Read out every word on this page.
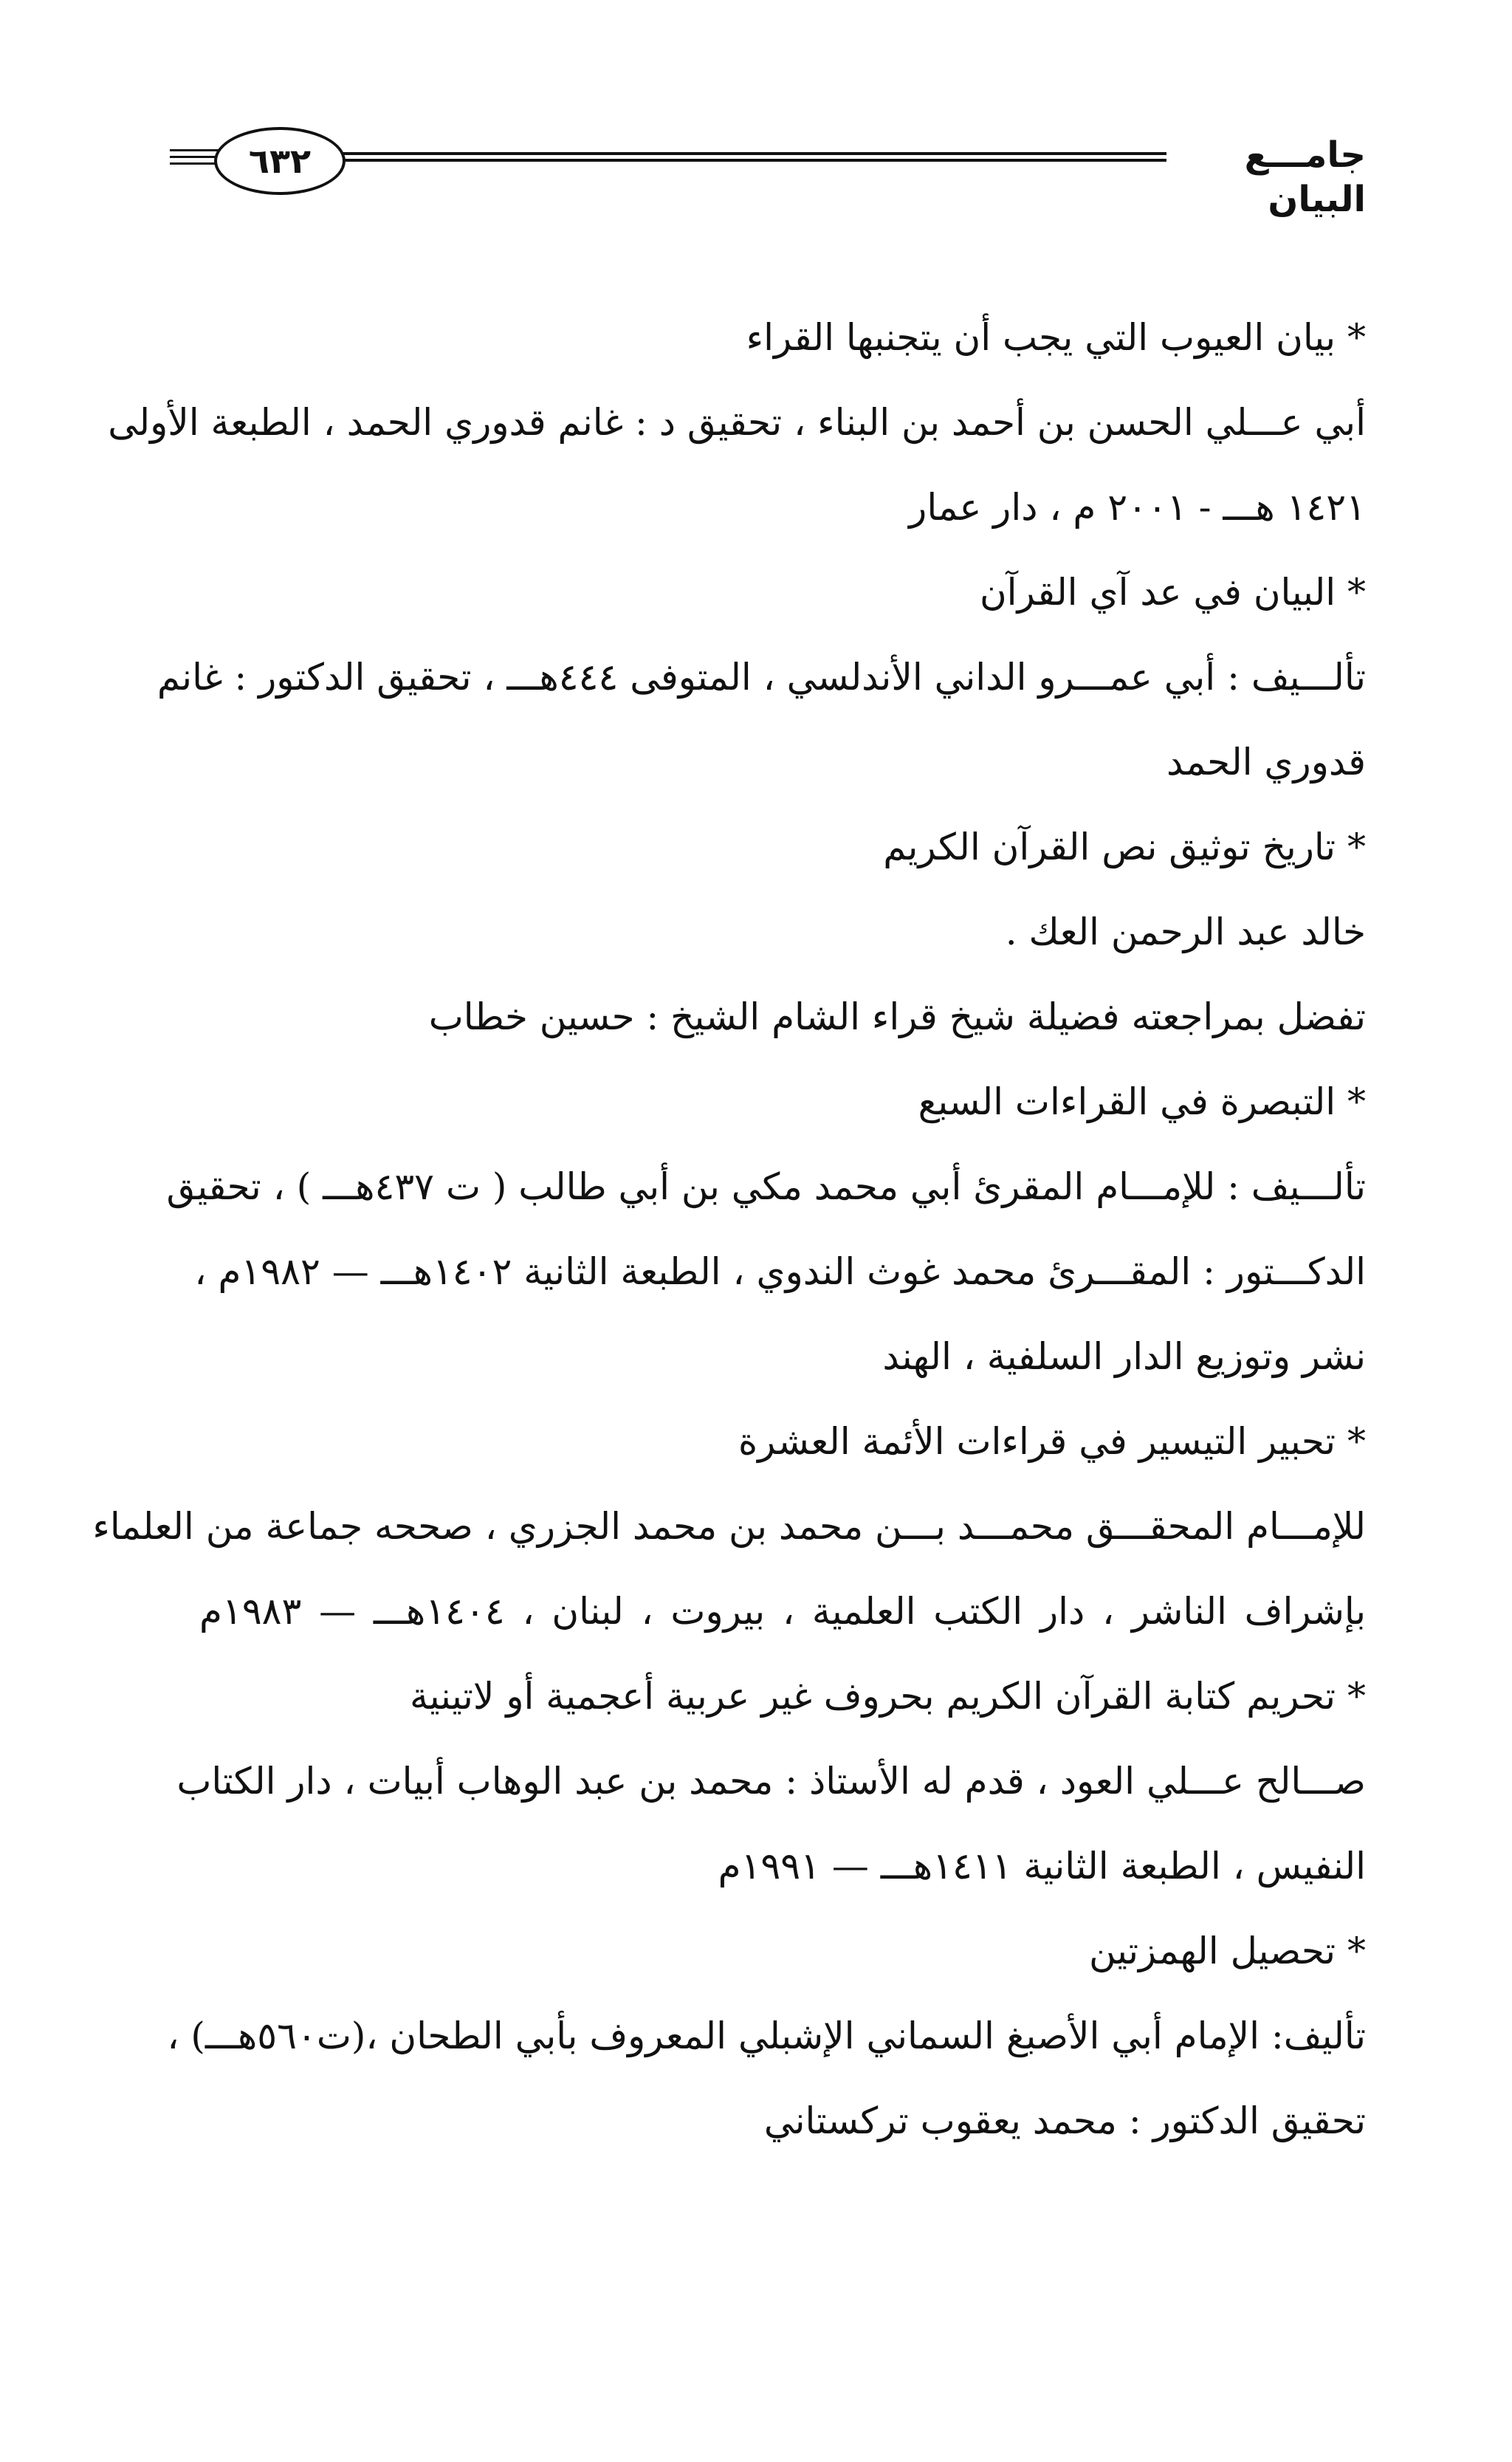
٦٣٢	جامـــع البيان
* بيان العيوب التي يجب أن يتجنبها القراء
أبي عـــلي الحسن بن أحمد بن البناء ، تحقيق د : غانم قدوري الحمد ، الطبعة الأولى
١٤٢١ هـــ - ٢٠٠١ م ، دار عمار
* البيان في عد آي القرآن
تألـــيف : أبي عمـــرو الداني الأندلسي ، المتوفى ٤٤٤هـــ ، تحقيق الدكتور : غانم
قدوري الحمد
* تاريخ توثيق نص القرآن الكريم
خالد عبد الرحمن العك .
تفضل بمراجعته فضيلة شيخ قراء الشام الشيخ : حسين خطاب
* التبصرة في القراءات السبع
تألـــيف : للإمـــام المقرئ أبي محمد مكي بن أبي طالب ( ت ٤٣٧هـــ ) ، تحقيق
الدكـــتور : المقـــرئ محمد غوث الندوي ، الطبعة الثانية ١٤٠٢هـــ — ١٩٨٢م ،
نشر وتوزيع الدار السلفية ، الهند
* تحبير التيسير في قراءات الأئمة العشرة
للإمـــام المحقـــق محمـــد بـــن محمد بن محمد الجزري ، صححه جماعة من العلماء
بإشراف الناشر ، دار الكتب العلمية ، بيروت ، لبنان ، ١٤٠٤هـــ — ١٩٨٣م
* تحريم كتابة القرآن الكريم بحروف غير عربية أعجمية أو لاتينية
صـــالح عـــلي العود ، قدم له الأستاذ : محمد بن عبد الوهاب أبيات ، دار الكتاب
النفيس ، الطبعة الثانية ١٤١١هـــ — ١٩٩١م
* تحصيل الهمزتين
تأليف: الإمام أبي الأصبغ السماني الإشبلي المعروف بأبي الطحان ،(ت٥٦٠هـــ) ،
تحقيق الدكتور : محمد يعقوب تركستاني
